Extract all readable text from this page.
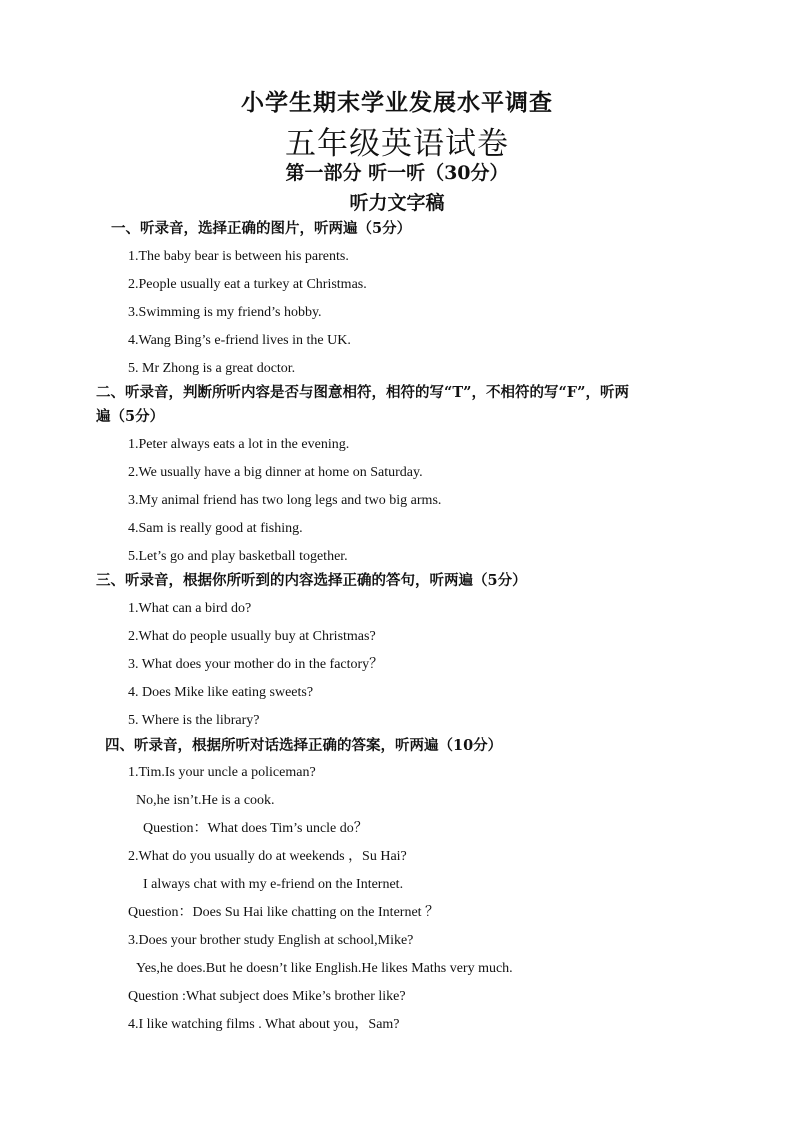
小学生期末学业发展水平调查
五年级英语试卷
第一部分 听一听（30分）
听力文字稿
一、听录音，选择正确的图片，听两遍（5分）
1.The baby bear is between his parents.
2.People usually eat a turkey at Christmas.
3.Swimming is my friend’s hobby.
4.Wang Bing’s e-friend lives in the UK.
5. Mr Zhong is a great doctor.
二、听录音，判断所听内容是否与图意相符，相符的写“T”，不相符的写“F”，听两
遍（5分）
1.Peter always eats a lot in the evening.
2.We usually have a big dinner at home on Saturday.
3.My animal friend has two long legs and two big arms.
4.Sam is really good at fishing.
5.Let’s go and play basketball together.
三、听录音，根据你所听到的内容选择正确的答句，听两遍（5分）
1.What can a bird do?
2.What do people usually buy at Christmas?
3. What does your mother do in the factory？
4. Does Mike like eating sweets?
5. Where is the library?
四、听录音，根据所听对话选择正确的答案，听两遍（10分）
1.Tim.Is your uncle a policeman?
No,he isn’t.He is a cook.
Question：What does Tim’s uncle do？
2.What do you usually do at weekends ，Su Hai?
I always chat with my e-friend on the Internet.
Question：Does Su Hai like chatting on the Internet ？
3.Does your brother study English at school,Mike?
Yes,he does.But he doesn’t like English.He likes Maths very much.
Question :What subject does Mike’s brother like?
4.I like watching films . What about you，Sam?
